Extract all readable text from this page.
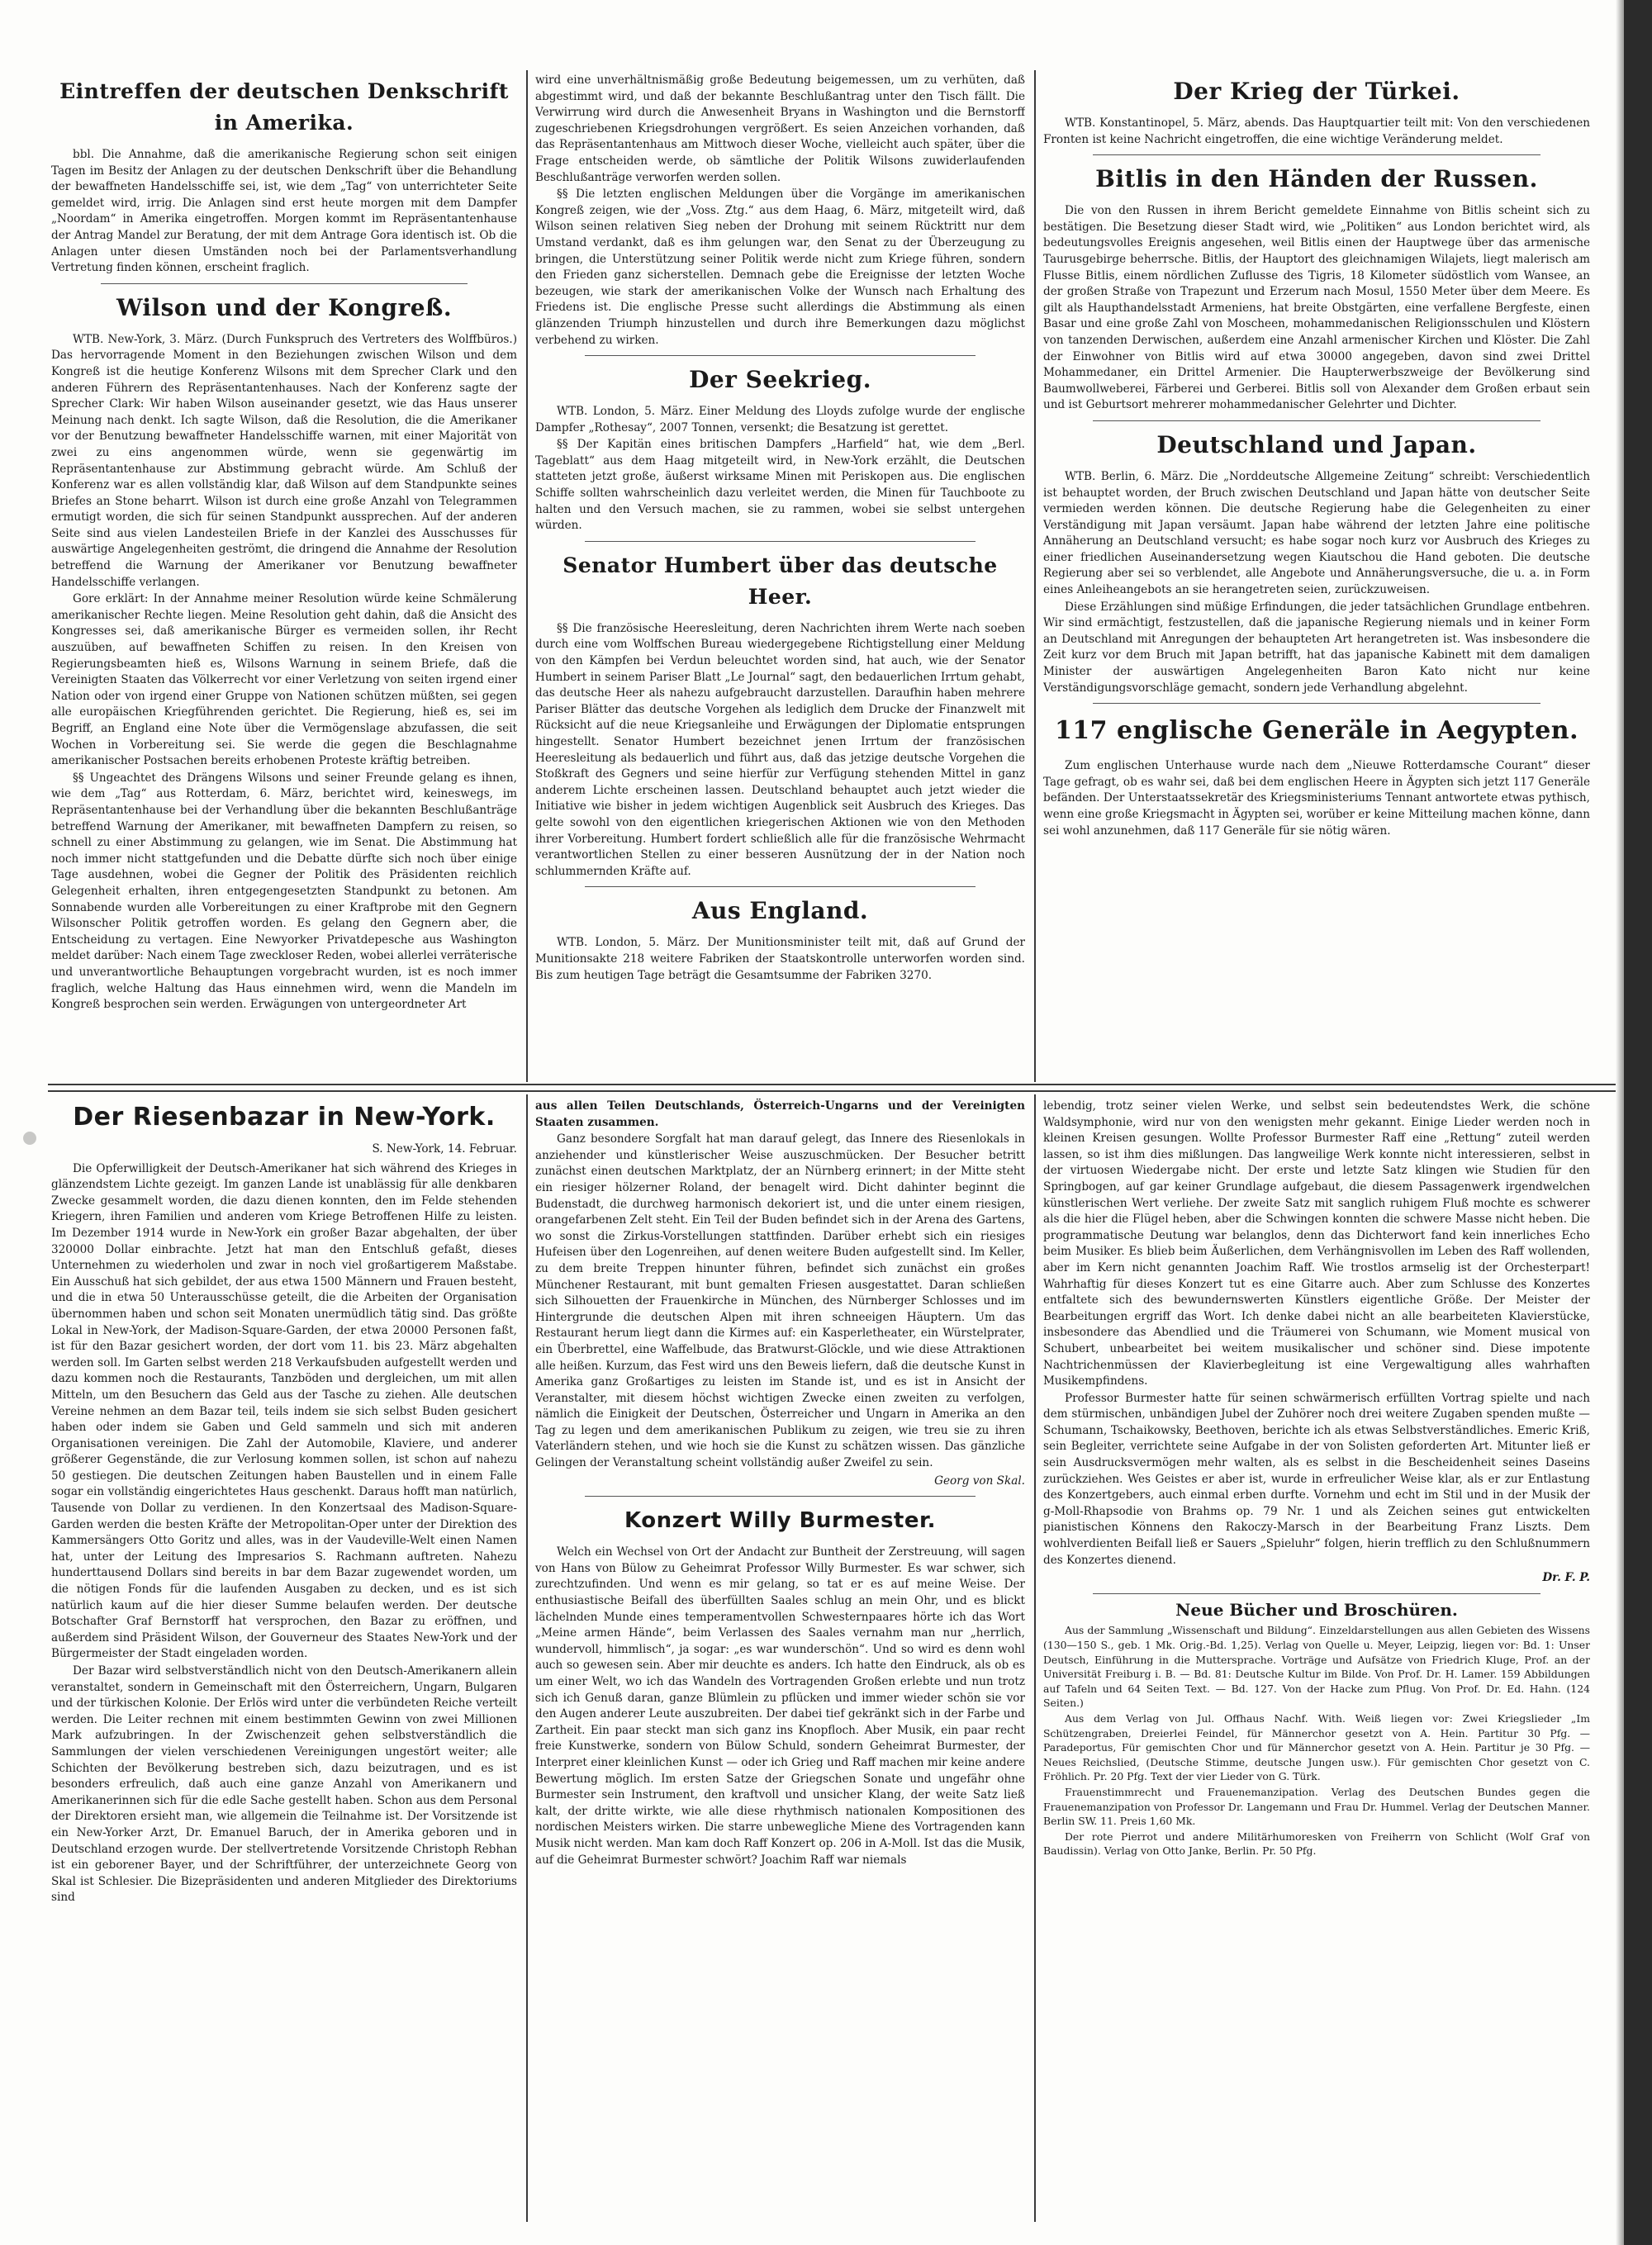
Eintreffen der deutschen Denkschrift in Amerika.

bbl. Die Annahme, daß die amerikanische Regierung schon seit einigen Tagen im Besitz der Anlagen zu der deutschen Denkschrift über die Behandlung der bewaffneten Handelsschiffe sei, ist, wie dem „Tag“ von unterrichteter Seite gemeldet wird, irrig. Die Anlagen sind erst heute morgen mit dem Dampfer „Noordam“ in Amerika eingetroffen. Morgen kommt im Repräsentantenhause der Antrag Mandel zur Beratung, der mit dem Antrage Gora identisch ist. Ob die Anlagen unter diesen Umständen noch bei der Parlamentsverhandlung Vertretung finden können, erscheint fraglich.

Wilson und der Kongreß.

WTB. New-York, 3. März. (Durch Funkspruch des Vertreters des Wolffbüros.) Das hervorragende Moment in den Beziehungen zwischen Wilson und dem Kongreß ist die heutige Konferenz Wilsons mit dem Sprecher Clark und den anderen Führern des Repräsentantenhauses. Nach der Konferenz sagte der Sprecher Clark: Wir haben Wilson auseinander gesetzt, wie das Haus unserer Meinung nach denkt. Ich sagte Wilson, daß die Resolution, die die Amerikaner vor der Benutzung bewaffneter Handelsschiffe warnen, mit einer Majorität von zwei zu eins angenommen würde, wenn sie gegenwärtig im Repräsentantenhause zur Abstimmung gebracht würde. Am Schluß der Konferenz war es allen vollständig klar, daß Wilson auf dem Standpunkte seines Briefes an Stone beharrt. Wilson ist durch eine große Anzahl von Telegrammen ermutigt worden, die sich für seinen Standpunkt aussprechen. Auf der anderen Seite sind aus vielen Landesteilen Briefe in der Kanzlei des Ausschusses für auswärtige Angelegenheiten geströmt, die dringend die Annahme der Resolution betreffend die Warnung der Amerikaner vor Benutzung bewaffneter Handelsschiffe verlangen.

Gore erklärt: In der Annahme meiner Resolution würde keine Schmälerung amerikanischer Rechte liegen. Meine Resolution geht dahin, daß die Ansicht des Kongresses sei, daß amerikanische Bürger es vermeiden sollen, ihr Recht auszuüben, auf bewaffneten Schiffen zu reisen. In den Kreisen von Regierungsbeamten hieß es, Wilsons Warnung in seinem Briefe, daß die Vereinigten Staaten das Völkerrecht vor einer Verletzung von seiten irgend einer Nation oder von irgend einer Gruppe von Nationen schützen müßten, sei gegen alle europäischen Kriegführenden gerichtet. Die Regierung, hieß es, sei im Begriff, an England eine Note über die Vermögenslage abzufassen, die seit Wochen in Vorbereitung sei. Sie werde die gegen die Beschlagnahme amerikanischer Postsachen bereits erhobenen Proteste kräftig betreiben.

§§ Ungeachtet des Drängens Wilsons und seiner Freunde gelang es ihnen, wie dem „Tag“ aus Rotterdam, 6. März, berichtet wird, keineswegs, im Repräsentantenhause bei der Verhandlung über die bekannten Beschlußanträge betreffend Warnung der Amerikaner, mit bewaffneten Dampfern zu reisen, so schnell zu einer Abstimmung zu gelangen, wie im Senat. Die Abstimmung hat noch immer nicht stattgefunden und die Debatte dürfte sich noch über einige Tage ausdehnen, wobei die Gegner der Politik des Präsidenten reichlich Gelegenheit erhalten, ihren entgegengesetzten Standpunkt zu betonen. Am Sonnabende wurden alle Vorbereitungen zu einer Kraftprobe mit den Gegnern Wilsonscher Politik getroffen worden. Es gelang den Gegnern aber, die Entscheidung zu vertagen. Eine Newyorker Privatdepesche aus Washington meldet darüber: Nach einem Tage zweckloser Reden, wobei allerlei verräterische und unverantwortliche Behauptungen vorgebracht wurden, ist es noch immer fraglich, welche Haltung das Haus einnehmen wird, wenn die Mandeln im Kongreß besprochen sein werden. Erwägungen von untergeordneter Art

wird eine unverhältnismäßig große Bedeutung beigemessen, um zu verhüten, daß abgestimmt wird, und daß der bekannte Beschlußantrag unter den Tisch fällt. Die Verwirrung wird durch die Anwesenheit Bryans in Washington und die Bernstorff zugeschriebenen Kriegsdrohungen vergrößert. Es seien Anzeichen vorhanden, daß das Repräsentantenhaus am Mittwoch dieser Woche, vielleicht auch später, über die Frage entscheiden werde, ob sämtliche der Politik Wilsons zuwiderlaufenden Beschlußanträge verworfen werden sollen.

§§ Die letzten englischen Meldungen über die Vorgänge im amerikanischen Kongreß zeigen, wie der „Voss. Ztg.“ aus dem Haag, 6. März, mitgeteilt wird, daß Wilson seinen relativen Sieg neben der Drohung mit seinem Rücktritt nur dem Umstand verdankt, daß es ihm gelungen war, den Senat zu der Überzeugung zu bringen, die Unterstützung seiner Politik werde nicht zum Kriege führen, sondern den Frieden ganz sicherstellen. Demnach gebe die Ereignisse der letzten Woche bezeugen, wie stark der amerikanischen Volke der Wunsch nach Erhaltung des Friedens ist. Die englische Presse sucht allerdings die Abstimmung als einen glänzenden Triumph hinzustellen und durch ihre Bemerkungen dazu möglichst verbehend zu wirken.

Der Seekrieg.

WTB. London, 5. März. Einer Meldung des Lloyds zufolge wurde der englische Dampfer „Rothesay“, 2007 Tonnen, versenkt; die Besatzung ist gerettet.

§§ Der Kapitän eines britischen Dampfers „Harfield“ hat, wie dem „Berl. Tageblatt“ aus dem Haag mitgeteilt wird, in New-York erzählt, die Deutschen statteten jetzt große, äußerst wirksame Minen mit Periskopen aus. Die englischen Schiffe sollten wahrscheinlich dazu verleitet werden, die Minen für Tauchboote zu halten und den Versuch machen, sie zu rammen, wobei sie selbst untergehen würden.

Senator Humbert über das deutsche Heer.

§§ Die französische Heeresleitung, deren Nachrichten ihrem Werte nach soeben durch eine vom Wolffschen Bureau wiedergegebene Richtigstellung einer Meldung von den Kämpfen bei Verdun beleuchtet worden sind, hat auch, wie der Senator Humbert in seinem Pariser Blatt „Le Journal“ sagt, den bedauerlichen Irrtum gehabt, das deutsche Heer als nahezu aufgebraucht darzustellen. Daraufhin haben mehrere Pariser Blätter das deutsche Vorgehen als lediglich dem Drucke der Finanzwelt mit Rücksicht auf die neue Kriegsanleihe und Erwägungen der Diplomatie entsprungen hingestellt. Senator Humbert bezeichnet jenen Irrtum der französischen Heeresleitung als bedauerlich und führt aus, daß das jetzige deutsche Vorgehen die Stoßkraft des Gegners und seine hierfür zur Verfügung stehenden Mittel in ganz anderem Lichte erscheinen lassen. Deutschland behauptet auch jetzt wieder die Initiative wie bisher in jedem wichtigen Augenblick seit Ausbruch des Krieges. Das gelte sowohl von den eigentlichen kriegerischen Aktionen wie von den Methoden ihrer Vorbereitung. Humbert fordert schließlich alle für die französische Wehrmacht verantwortlichen Stellen zu einer besseren Ausnützung der in der Nation noch schlummernden Kräfte auf.

Aus England.

WTB. London, 5. März. Der Munitionsminister teilt mit, daß auf Grund der Munitionsakte 218 weitere Fabriken der Staatskontrolle unterworfen worden sind. Bis zum heutigen Tage beträgt die Gesamtsumme der Fabriken 3270.

Der Krieg der Türkei.

WTB. Konstantinopel, 5. März, abends. Das Hauptquartier teilt mit: Von den verschiedenen Fronten ist keine Nachricht eingetroffen, die eine wichtige Veränderung meldet.

Bitlis in den Händen der Russen.

Die von den Russen in ihrem Bericht gemeldete Einnahme von Bitlis scheint sich zu bestätigen. Die Besetzung dieser Stadt wird, wie „Politiken“ aus London berichtet wird, als bedeutungsvolles Ereignis angesehen, weil Bitlis einen der Hauptwege über das armenische Taurusgebirge beherrsche. Bitlis, der Hauptort des gleichnamigen Wilajets, liegt malerisch am Flusse Bitlis, einem nördlichen Zuflusse des Tigris, 18 Kilometer südöstlich vom Wansee, an der großen Straße von Trapezunt und Erzerum nach Mosul, 1550 Meter über dem Meere. Es gilt als Haupthandelsstadt Armeniens, hat breite Obstgärten, eine verfallene Bergfeste, einen Basar und eine große Zahl von Moscheen, mohammedanischen Religionsschulen und Klöstern von tanzenden Derwischen, außerdem eine Anzahl armenischer Kirchen und Klöster. Die Zahl der Einwohner von Bitlis wird auf etwa 30000 angegeben, davon sind zwei Drittel Mohammedaner, ein Drittel Armenier. Die Haupterwerbszweige der Bevölkerung sind Baumwollweberei, Färberei und Gerberei. Bitlis soll von Alexander dem Großen erbaut sein und ist Geburtsort mehrerer mohammedanischer Gelehrter und Dichter.

Deutschland und Japan.

WTB. Berlin, 6. März. Die „Norddeutsche Allgemeine Zeitung“ schreibt: Verschiedentlich ist behauptet worden, der Bruch zwischen Deutschland und Japan hätte von deutscher Seite vermieden werden können. Die deutsche Regierung habe die Gelegenheiten zu einer Verständigung mit Japan versäumt. Japan habe während der letzten Jahre eine politische Annäherung an Deutschland versucht; es habe sogar noch kurz vor Ausbruch des Krieges zu einer friedlichen Auseinandersetzung wegen Kiautschou die Hand geboten. Die deutsche Regierung aber sei so verblendet, alle Angebote und Annäherungsversuche, die u. a. in Form eines Anleiheangebots an sie herangetreten seien, zurückzuweisen.

Diese Erzählungen sind müßige Erfindungen, die jeder tatsächlichen Grundlage entbehren. Wir sind ermächtigt, festzustellen, daß die japanische Regierung niemals und in keiner Form an Deutschland mit Anregungen der behaupteten Art herangetreten ist. Was insbesondere die Zeit kurz vor dem Bruch mit Japan betrifft, hat das japanische Kabinett mit dem damaligen Minister der auswärtigen Angelegenheiten Baron Kato nicht nur keine Verständigungsvorschläge gemacht, sondern jede Verhandlung abgelehnt.

117 englische Generäle in Aegypten.

Zum englischen Unterhause wurde nach dem „Nieuwe Rotterdamsche Courant“ dieser Tage gefragt, ob es wahr sei, daß bei dem englischen Heere in Ägypten sich jetzt 117 Generäle befänden. Der Unterstaatssekretär des Kriegsministeriums Tennant antwortete etwas pythisch, wenn eine große Kriegsmacht in Ägypten sei, worüber er keine Mitteilung machen könne, dann sei wohl anzunehmen, daß 117 Generäle für sie nötig wären.

Der Riesenbazar in New-York.
S. New-York, 14. Februar.

Die Opferwilligkeit der Deutsch-Amerikaner hat sich während des Krieges in glänzendstem Lichte gezeigt. Im ganzen Lande ist unablässig für alle denkbaren Zwecke gesammelt worden, die dazu dienen konnten, den im Felde stehenden Kriegern, ihren Familien und anderen vom Kriege Betroffenen Hilfe zu leisten. Im Dezember 1914 wurde in New-York ein großer Bazar abgehalten, der über 320000 Dollar einbrachte. Jetzt hat man den Entschluß gefaßt, dieses Unternehmen zu wiederholen und zwar in noch viel großartigerem Maßstabe. Ein Ausschuß hat sich gebildet, der aus etwa 1500 Männern und Frauen besteht, und die in etwa 50 Unterausschüsse geteilt, die die Arbeiten der Organisation übernommen haben und schon seit Monaten unermüdlich tätig sind. Das größte Lokal in New-York, der Madison-Square-Garden, der etwa 20000 Personen faßt, ist für den Bazar gesichert worden, der dort vom 11. bis 23. März abgehalten werden soll. Im Garten selbst werden 218 Verkaufsbuden aufgestellt werden und dazu kommen noch die Restaurants, Tanzböden und dergleichen, um mit allen Mitteln, um den Besuchern das Geld aus der Tasche zu ziehen. Alle deutschen Vereine nehmen an dem Bazar teil, teils indem sie sich selbst Buden gesichert haben oder indem sie Gaben und Geld sammeln und sich mit anderen Organisationen vereinigen. Die Zahl der Automobile, Klaviere, und anderer größerer Gegenstände, die zur Verlosung kommen sollen, ist schon auf nahezu 50 gestiegen. Die deutschen Zeitungen haben Baustellen und in einem Falle sogar ein vollständig eingerichtetes Haus geschenkt. Daraus hofft man natürlich, Tausende von Dollar zu verdienen. In den Konzertsaal des Madison-Square-Garden werden die besten Kräfte der Metropolitan-Oper unter der Direktion des Kammersängers Otto Goritz und alles, was in der Vaudeville-Welt einen Namen hat, unter der Leitung des Impresarios S. Rachmann auftreten. Nahezu hunderttausend Dollars sind bereits in bar dem Bazar zugewendet worden, um die nötigen Fonds für die laufenden Ausgaben zu decken, und es ist sich natürlich kaum auf die hier dieser Summe belaufen werden. Der deutsche Botschafter Graf Bernstorff hat versprochen, den Bazar zu eröffnen, und außerdem sind Präsident Wilson, der Gouverneur des Staates New-York und der Bürgermeister der Stadt eingeladen worden.

Der Bazar wird selbstverständlich nicht von den Deutsch-Amerikanern allein veranstaltet, sondern in Gemeinschaft mit den Österreichern, Ungarn, Bulgaren und der türkischen Kolonie. Der Erlös wird unter die verbündeten Reiche verteilt werden. Die Leiter rechnen mit einem bestimmten Gewinn von zwei Millionen Mark aufzubringen. In der Zwischenzeit gehen selbstverständlich die Sammlungen der vielen verschiedenen Vereinigungen ungestört weiter; alle Schichten der Bevölkerung bestreben sich, dazu beizutragen, und es ist besonders erfreulich, daß auch eine ganze Anzahl von Amerikanern und Amerikanerinnen sich für die edle Sache gestellt haben. Schon aus dem Personal der Direktoren ersieht man, wie allgemein die Teilnahme ist. Der Vorsitzende ist ein New-Yorker Arzt, Dr. Emanuel Baruch, der in Amerika geboren und in Deutschland erzogen wurde. Der stellvertretende Vorsitzende Christoph Rebhan ist ein geborener Bayer, und der Schriftführer, der unterzeichnete Georg von Skal ist Schlesier. Die Bizepräsidenten und anderen Mitglieder des Direktoriums sind

aus allen Teilen Deutschlands, Österreich-Ungarns und der Vereinigten Staaten zusammen.

Ganz besondere Sorgfalt hat man darauf gelegt, das Innere des Riesenlokals in anziehender und künstlerischer Weise auszuschmücken. Der Besucher betritt zunächst einen deutschen Marktplatz, der an Nürnberg erinnert; in der Mitte steht ein riesiger hölzerner Roland, der benagelt wird. Dicht dahinter beginnt die Budenstadt, die durchweg harmonisch dekoriert ist, und die unter einem riesigen, orangefarbenen Zelt steht. Ein Teil der Buden befindet sich in der Arena des Gartens, wo sonst die Zirkus-Vorstellungen stattfinden. Darüber erhebt sich ein riesiges Hufeisen über den Logenreihen, auf denen weitere Buden aufgestellt sind. Im Keller, zu dem breite Treppen hinunter führen, befindet sich zunächst ein großes Münchener Restaurant, mit bunt gemalten Friesen ausgestattet. Daran schließen sich Silhouetten der Frauenkirche in München, des Nürnberger Schlosses und im Hintergrunde die deutschen Alpen mit ihren schneeigen Häuptern. Um das Restaurant herum liegt dann die Kirmes auf: ein Kasperletheater, ein Würstelprater, ein Überbrettel, eine Waffelbude, das Bratwurst-Glöckle, und wie diese Attraktionen alle heißen. Kurzum, das Fest wird uns den Beweis liefern, daß die deutsche Kunst in Amerika ganz Großartiges zu leisten im Stande ist, und es ist in Ansicht der Veranstalter, mit diesem höchst wichtigen Zwecke einen zweiten zu verfolgen, nämlich die Einigkeit der Deutschen, Österreicher und Ungarn in Amerika an den Tag zu legen und dem amerikanischen Publikum zu zeigen, wie treu sie zu ihren Vaterländern stehen, und wie hoch sie die Kunst zu schätzen wissen. Das gänzliche Gelingen der Veranstaltung scheint vollständig außer Zweifel zu sein.

Georg von Skal.
Konzert Willy Burmester.

Welch ein Wechsel von Ort der Andacht zur Buntheit der Zerstreuung, will sagen von Hans von Bülow zu Geheimrat Professor Willy Burmester. Es war schwer, sich zurechtzufinden. Und wenn es mir gelang, so tat er es auf meine Weise. Der enthusiastische Beifall des überfüllten Saales schlug an mein Ohr, und es blickt lächelnden Munde eines temperamentvollen Schwesternpaares hörte ich das Wort „Meine armen Hände“, beim Verlassen des Saales vernahm man nur „herrlich, wundervoll, himmlisch“, ja sogar: „es war wunderschön“. Und so wird es denn wohl auch so gewesen sein. Aber mir deuchte es anders. Ich hatte den Eindruck, als ob es um einer Welt, wo ich das Wandeln des Vortragenden Großen erlebte und nun trotz sich ich Genuß daran, ganze Blümlein zu pflücken und immer wieder schön sie vor den Augen anderer Leute auszubreiten. Der dabei tief gekränkt sich in der Farbe und Zartheit. Ein paar steckt man sich ganz ins Knopfloch. Aber Musik, ein paar recht freie Kunstwerke, sondern von Bülow Schuld, sondern Geheimrat Burmester, der Interpret einer kleinlichen Kunst — oder ich Grieg und Raff machen mir keine andere Bewertung möglich. Im ersten Satze der Griegschen Sonate und ungefähr ohne Burmester sein Instrument, den kraftvoll und unsicher Klang, der weite Satz ließ kalt, der dritte wirkte, wie alle diese rhythmisch nationalen Kompositionen des nordischen Meisters wirken. Die starre unbewegliche Miene des Vortragenden kann Musik nicht werden. Man kam doch Raff Konzert op. 206 in A-Moll. Ist das die Musik, auf die Geheimrat Burmester schwört? Joachim Raff war niemals

lebendig, trotz seiner vielen Werke, und selbst sein bedeutendstes Werk, die schöne Waldsymphonie, wird nur von den wenigsten mehr gekannt. Einige Lieder werden noch in kleinen Kreisen gesungen. Wollte Professor Burmester Raff eine „Rettung“ zuteil werden lassen, so ist ihm dies mißlungen. Das langweilige Werk konnte nicht interessieren, selbst in der virtuosen Wiedergabe nicht. Der erste und letzte Satz klingen wie Studien für den Springbogen, auf gar keiner Grundlage aufgebaut, die diesem Passagenwerk irgendwelchen künstlerischen Wert verliehe. Der zweite Satz mit sanglich ruhigem Fluß mochte es schwerer als die hier die Flügel heben, aber die Schwingen konnten die schwere Masse nicht heben. Die programmatische Deutung war belanglos, denn das Dichterwort fand kein innerliches Echo beim Musiker. Es blieb beim Äußerlichen, dem Verhängnisvollen im Leben des Raff wollenden, aber im Kern nicht genannten Joachim Raff. Wie trostlos armselig ist der Orchesterpart! Wahrhaftig für dieses Konzert tut es eine Gitarre auch. Aber zum Schlusse des Konzertes entfaltete sich des bewundernswerten Künstlers eigentliche Größe. Der Meister der Bearbeitungen ergriff das Wort. Ich denke dabei nicht an alle bearbeiteten Klavierstücke, insbesondere das Abendlied und die Träumerei von Schumann, wie Moment musical von Schubert, unbearbeitet bei weitem musikalischer und schöner sind. Diese impotente Nachtrichenmüssen der Klavierbegleitung ist eine Vergewaltigung alles wahrhaften Musikempfindens.

Professor Burmester hatte für seinen schwärmerisch erfüllten Vortrag spielte und nach dem stürmischen, unbändigen Jubel der Zuhörer noch drei weitere Zugaben spenden mußte — Schumann, Tschaikowsky, Beethoven, berichte ich als etwas Selbstverständliches. Emeric Kriß, sein Begleiter, verrichtete seine Aufgabe in der von Solisten geforderten Art. Mitunter ließ er sein Ausdrucksvermögen mehr walten, als es selbst in die Bescheidenheit seines Daseins zurückziehen. Wes Geistes er aber ist, wurde in erfreulicher Weise klar, als er zur Entlastung des Konzertgebers, auch einmal erben durfte. Vornehm und echt im Stil und in der Musik der g-Moll-Rhapsodie von Brahms op. 79 Nr. 1 und als Zeichen seines gut entwickelten pianistischen Könnens den Rakoczy-Marsch in der Bearbeitung Franz Liszts. Dem wohlverdienten Beifall ließ er Sauers „Spieluhr“ folgen, hierin trefflich zu den Schlußnummern des Konzertes dienend.

Dr. F. P.
Neue Bücher und Broschüren.

Aus der Sammlung „Wissenschaft und Bildung“. Einzeldarstellungen aus allen Gebieten des Wissens (130—150 S., geb. 1 Mk. Orig.-Bd. 1,25). Verlag von Quelle u. Meyer, Leipzig, liegen vor: Bd. 1: Unser Deutsch, Einführung in die Muttersprache. Vorträge und Aufsätze von Friedrich Kluge, Prof. an der Universität Freiburg i. B. — Bd. 81: Deutsche Kultur im Bilde. Von Prof. Dr. H. Lamer. 159 Abbildungen auf Tafeln und 64 Seiten Text. — Bd. 127. Von der Hacke zum Pflug. Von Prof. Dr. Ed. Hahn. (124 Seiten.)

Aus dem Verlag von Jul. Offhaus Nachf. With. Weiß liegen vor: Zwei Kriegslieder „Im Schützengraben, Dreierlei Feindel, für Männerchor gesetzt von A. Hein. Partitur 30 Pfg. — Paradeportus, Für gemischten Chor und für Männerchor gesetzt von A. Hein. Partitur je 30 Pfg. — Neues Reichslied, (Deutsche Stimme, deutsche Jungen usw.). Für gemischten Chor gesetzt von C. Fröhlich. Pr. 20 Pfg. Text der vier Lieder von G. Türk.

Frauenstimmrecht und Frauenemanzipation. Verlag des Deutschen Bundes gegen die Frauenemanzipation von Professor Dr. Langemann und Frau Dr. Hummel. Verlag der Deutschen Manner. Berlin SW. 11. Preis 1,60 Mk.

Der rote Pierrot und andere Militärhumoresken von Freiherrn von Schlicht (Wolf Graf von Baudissin). Verlag von Otto Janke, Berlin. Pr. 50 Pfg.
